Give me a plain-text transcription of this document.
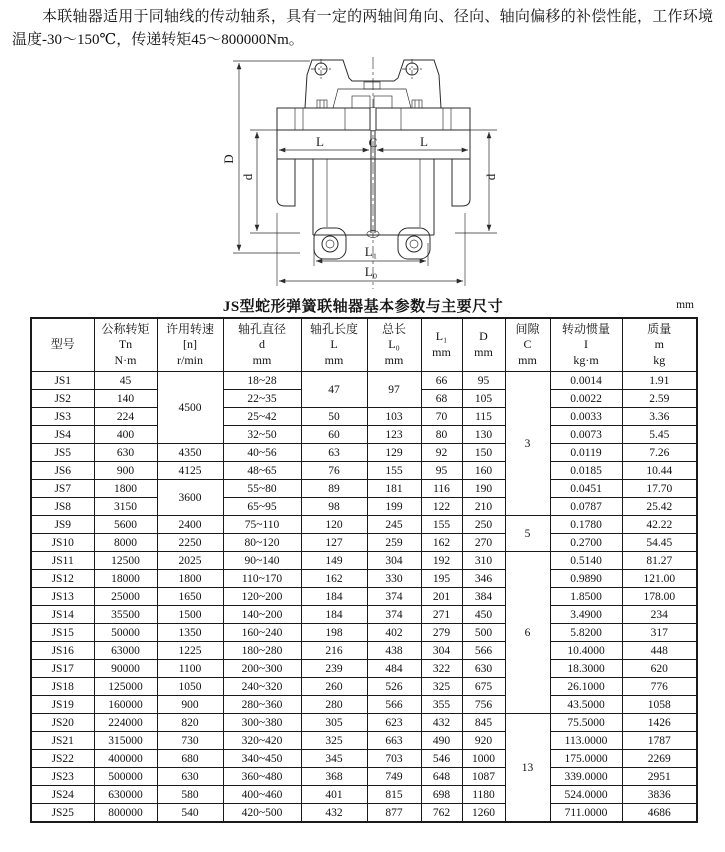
本联轴器适用于同轴线的传动轴系，具有一定的两轴间角向、径向、轴向偏移的补偿性能，工作环境温度-30～150℃，传递转矩45～800000Nm。

D
d	d
L	C	L
L₁
L₀
JS型蛇形弹簧联轴器基本参数与主要尺寸	mm
型号

公称转矩
Tn
N·m

许用转速
[n]
r/min

轴孔直径
d
mm

轴孔长度
L
mm

总长
L₀
mm

L₁
mm

D
mm

间隙
C
mm

转动惯量
I
kg·m

质量
m
kg

JS1	45	4500	18~28	47	97	66	95	3	0.0014	1.91
JS2	140		22~35			68	105		0.0022	2.59
JS3	224		25~42	50	103	70	115		0.0033	3.36
JS4	400		32~50	60	123	80	130		0.0073	5.45
JS5	630	4350	40~56	63	129	92	150		0.0119	7.26
JS6	900	4125	48~65	76	155	95	160		0.0185	10.44
JS7	1800	3600	55~80	89	181	116	190		0.0451	17.70
JS8	3150		65~95	98	199	122	210		0.0787	25.42
JS9	5600	2400	75~110	120	245	155	250	5	0.1780	42.22
JS10	8000	2250	80~120	127	259	162	270		0.2700	54.45
JS11	12500	2025	90~140	149	304	192	310	6	0.5140	81.27
JS12	18000	1800	110~170	162	330	195	346		0.9890	121.00
JS13	25000	1650	120~200	184	374	201	384		1.8500	178.00
JS14	35500	1500	140~200	184	374	271	450		3.4900	234
JS15	50000	1350	160~240	198	402	279	500		5.8200	317
JS16	63000	1225	180~280	216	438	304	566		10.4000	448
JS17	90000	1100	200~300	239	484	322	630		18.3000	620
JS18	125000	1050	240~320	260	526	325	675		26.1000	776
JS19	160000	900	280~360	280	566	355	756		43.5000	1058
JS20	224000	820	300~380	305	623	432	845	13	75.5000	1426
JS21	315000	730	320~420	325	663	490	920		113.0000	1787
JS22	400000	680	340~450	345	703	546	1000		175.0000	2269
JS23	500000	630	360~480	368	749	648	1087		339.0000	2951
JS24	630000	580	400~460	401	815	698	1180		524.0000	3836
JS25	800000	540	420~500	432	877	762	1260		711.0000	4686
